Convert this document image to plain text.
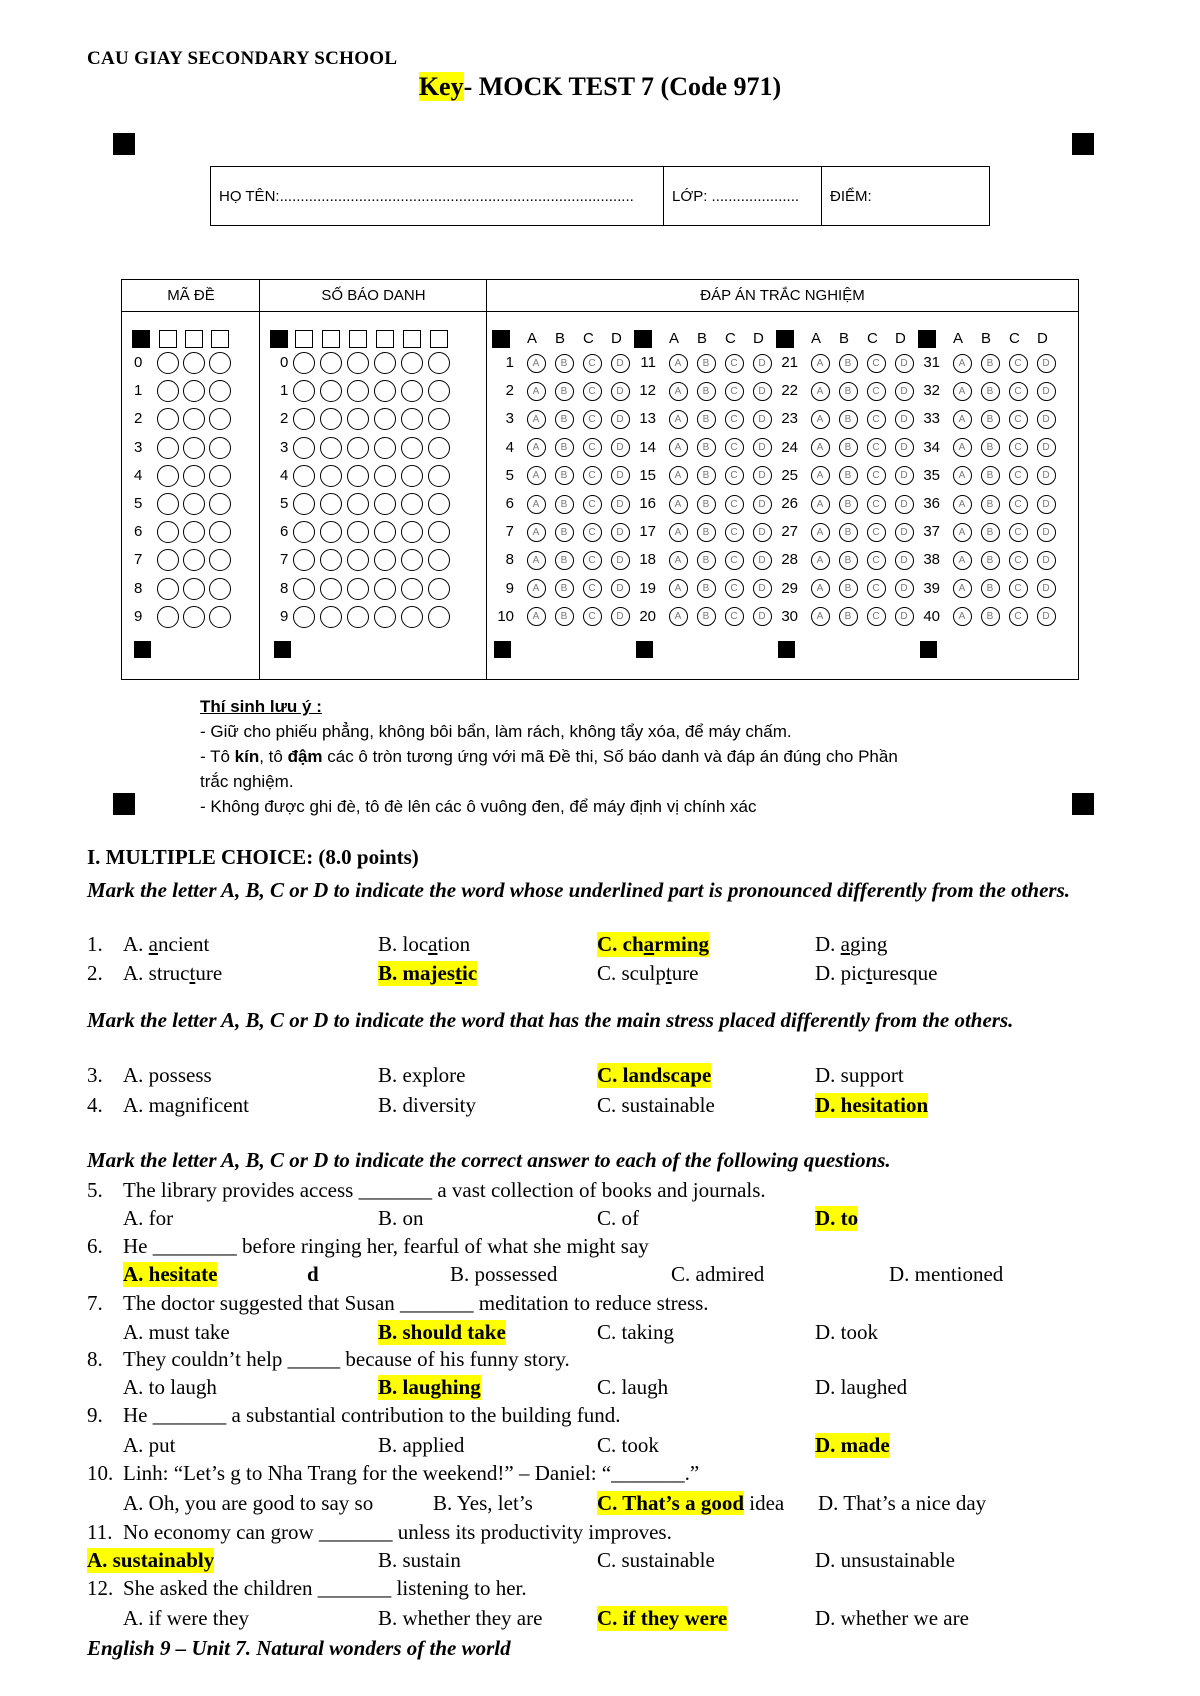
CAU GIAY SECONDARY SCHOOL
Key- MOCK TEST 7 (Code 971)
HỌ TÊN:.....................................................................................	LỚP: ..................... ĐIỂM:
MÃ ĐỀ	SỐ BÁO DANH	ĐÁP ÁN TRẮC NGHIỆM
0	0
1	1
2	2
3	3
4	4
5	5
6	6
7	7
8	8
9	9
A B C D
1	A	B	C	D
2	A	B	C	D
3	A	B	C	D
4	A	B	C	D
5	A	B	C	D
6	A	B	C	D
7	A	B	C	D
8	A	B	C	D
9	A	B	C	D
10	A	B	C	D
A B C D
11	A	B	C	D
12	A	B	C	D
13	A	B	C	D
14	A	B	C	D
15	A	B	C	D
16	A	B	C	D
17	A	B	C	D
18	A	B	C	D
19	A	B	C	D
20	A	B	C	D
A B C D
21	A	B	C	D
22	A	B	C	D
23	A	B	C	D
24	A	B	C	D
25	A	B	C	D
26	A	B	C	D
27	A	B	C	D
28	A	B	C	D
29	A	B	C	D
30	A	B	C	D
A B C D
31	A	B	C	D
32	A	B	C	D
33	A	B	C	D
34	A	B	C	D
35	A	B	C	D
36	A	B	C	D
37	A	B	C	D
38	A	B	C	D
39	A	B	C	D
40	A	B	C	D
Thí sinh lưu ý :
- Giữ cho phiếu phẳng, không bôi bẩn, làm rách, không tẩy xóa, để máy chấm.
- Tô kín, tô đậm các ô tròn tương ứng với mã Đề thi, Số báo danh và đáp án đúng cho Phần
trắc nghiệm.
- Không được ghi đè, tô đè lên các ô vuông đen, để máy định vị chính xác
I. MULTIPLE CHOICE: (8.0 points)
Mark the letter A, B, C or D to indicate the word whose underlined part is pronounced differently from the others.
1. A. ancient	B. location	C. charming	D. aging
2. A. structure	B. majestic	C. sculpture	D. picturesque
Mark the letter A, B, C or D to indicate the word that has the main stress placed differently from the others.
3. A. possess	B. explore	C. landscape	D. support
4. A. magnificent	B. diversity	C. sustainable	D. hesitation
Mark the letter A, B, C or D to indicate the correct answer to each of the following questions.
5. The library provides access _______ a vast collection of books and journals.
A. for	B. on	C. of	D. to
6. He ________ before ringing her, fearful of what she might say
A. hesitate	d	B. possessed	C. admired	D. mentioned
7. The doctor suggested that Susan _______ meditation to reduce stress.
A. must take	B. should take	C. taking	D. took
8. They couldn’t help _____ because of his funny story.
A. to laugh	B. laughing	C. laugh	D. laughed
9. He _______ a substantial contribution to the building fund.
A. put	B. applied	C. took	D. made
10. Linh: “Let’s g to Nha Trang for the weekend!” – Daniel: “_______.”
A. Oh, you are good to say so	B. Yes, let’s	C. That’s a good idea D. That’s a nice day
11. No economy can grow _______ unless its productivity improves.
A. sustainably	B. sustain	C. sustainable	D. unsustainable
12. She asked the children _______ listening to her.
A. if were they	B. whether they are	C. if they were	D. whether we are
English 9 – Unit 7. Natural wonders of the world
